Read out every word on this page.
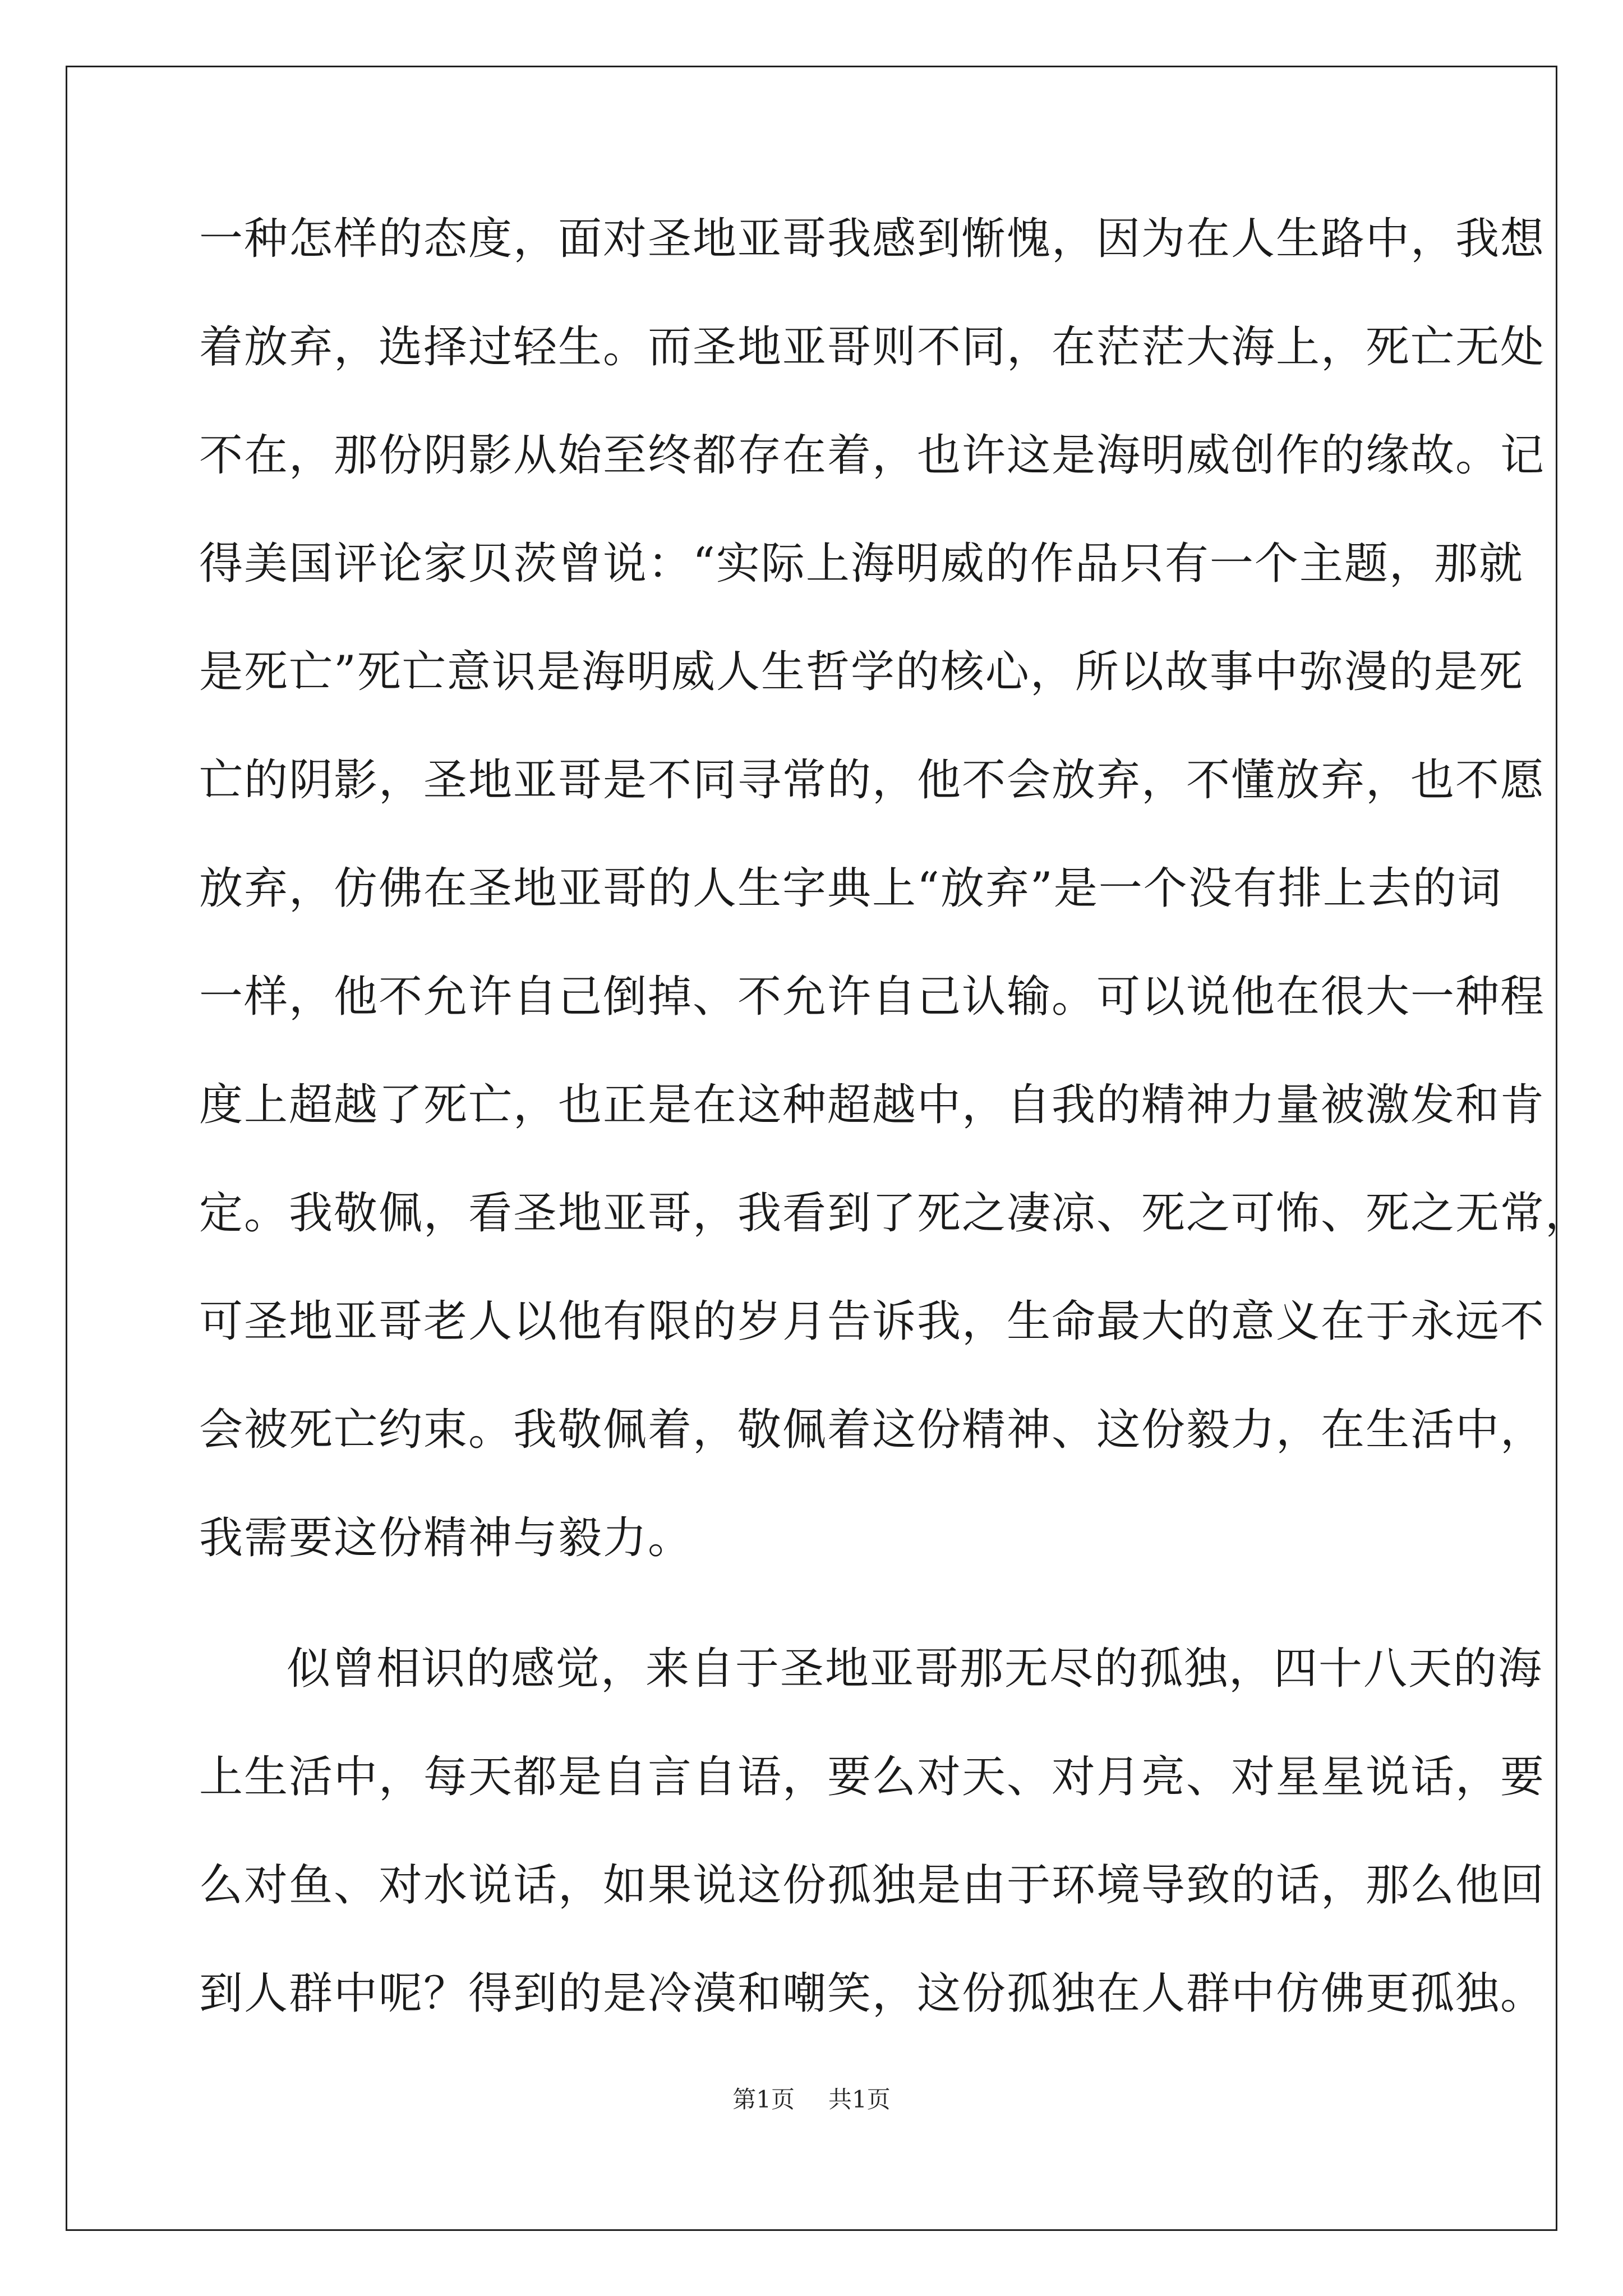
一种怎样的态度，面对圣地亚哥我感到惭愧，因为在人生路中，我想
着放弃，选择过轻生。而圣地亚哥则不同，在茫茫大海上，死亡无处
不在，那份阴影从始至终都存在着，也许这是海明威创作的缘故。记
得美国评论家贝茨曾说：“实际上海明威的作品只有一个主题，那就
是死亡”死亡意识是海明威人生哲学的核心，所以故事中弥漫的是死
亡的阴影，圣地亚哥是不同寻常的，他不会放弃，不懂放弃，也不愿
放弃，仿佛在圣地亚哥的人生字典上“放弃”是一个没有排上去的词
一样，他不允许自己倒掉、不允许自己认输。可以说他在很大一种程
度上超越了死亡，也正是在这种超越中，自我的精神力量被激发和肯
定。我敬佩，看圣地亚哥，我看到了死之凄凉、死之可怖、死之无常，
可圣地亚哥老人以他有限的岁月告诉我，生命最大的意义在于永远不
会被死亡约束。我敬佩着，敬佩着这份精神、这份毅力，在生活中，
我需要这份精神与毅力。
似曾相识的感觉，来自于圣地亚哥那无尽的孤独，四十八天的海
上生活中，每天都是自言自语，要么对天、对月亮、对星星说话，要
么对鱼、对水说话，如果说这份孤独是由于环境导致的话，那么他回
到人群中呢？得到的是冷漠和嘲笑，这份孤独在人群中仿佛更孤独。
第1页 共1页
